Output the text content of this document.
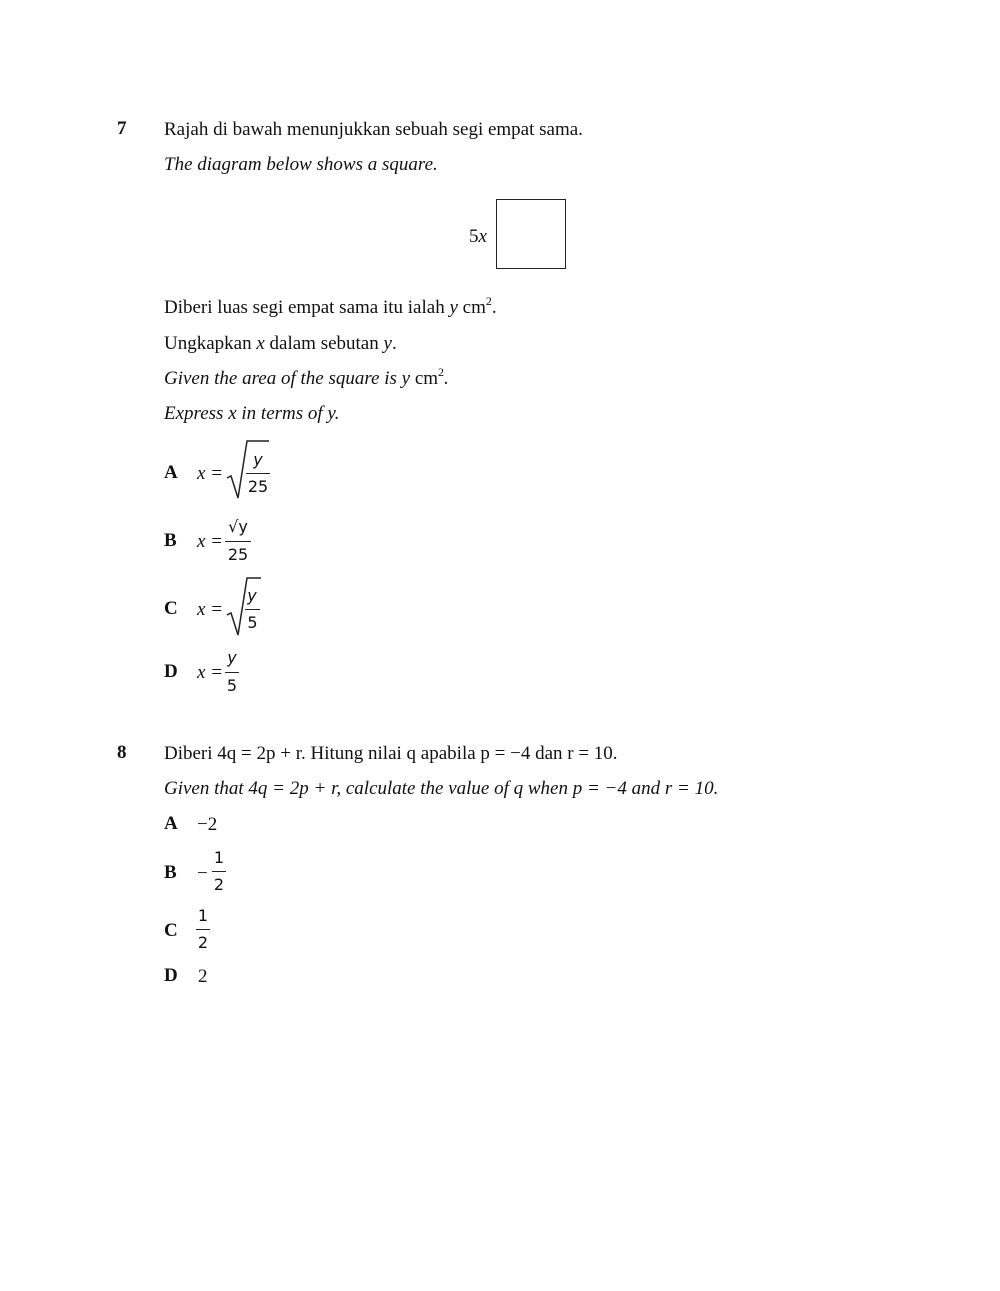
7 Rajah di bawah menunjukkan sebuah segi empat sama.
The diagram below shows a square.
5x
Diberi luas segi empat sama itu ialah y $cm^2$.
Ungkapkan x dalam sebutan y.
Given the area of the square is y $cm^2$.
Express x in terms of y.
A x =
y
25
B x =
√y
25
C x =
y
5
D x =
y
5
8 Diberi 4q = 2p + r. Hitung nilai q apabila p = −4 dan r = 10.
Given that 4q = 2p + r, calculate the value of q when p = −4 and r = 10.
A −2
B −
1
2
C
1
2
D 2
